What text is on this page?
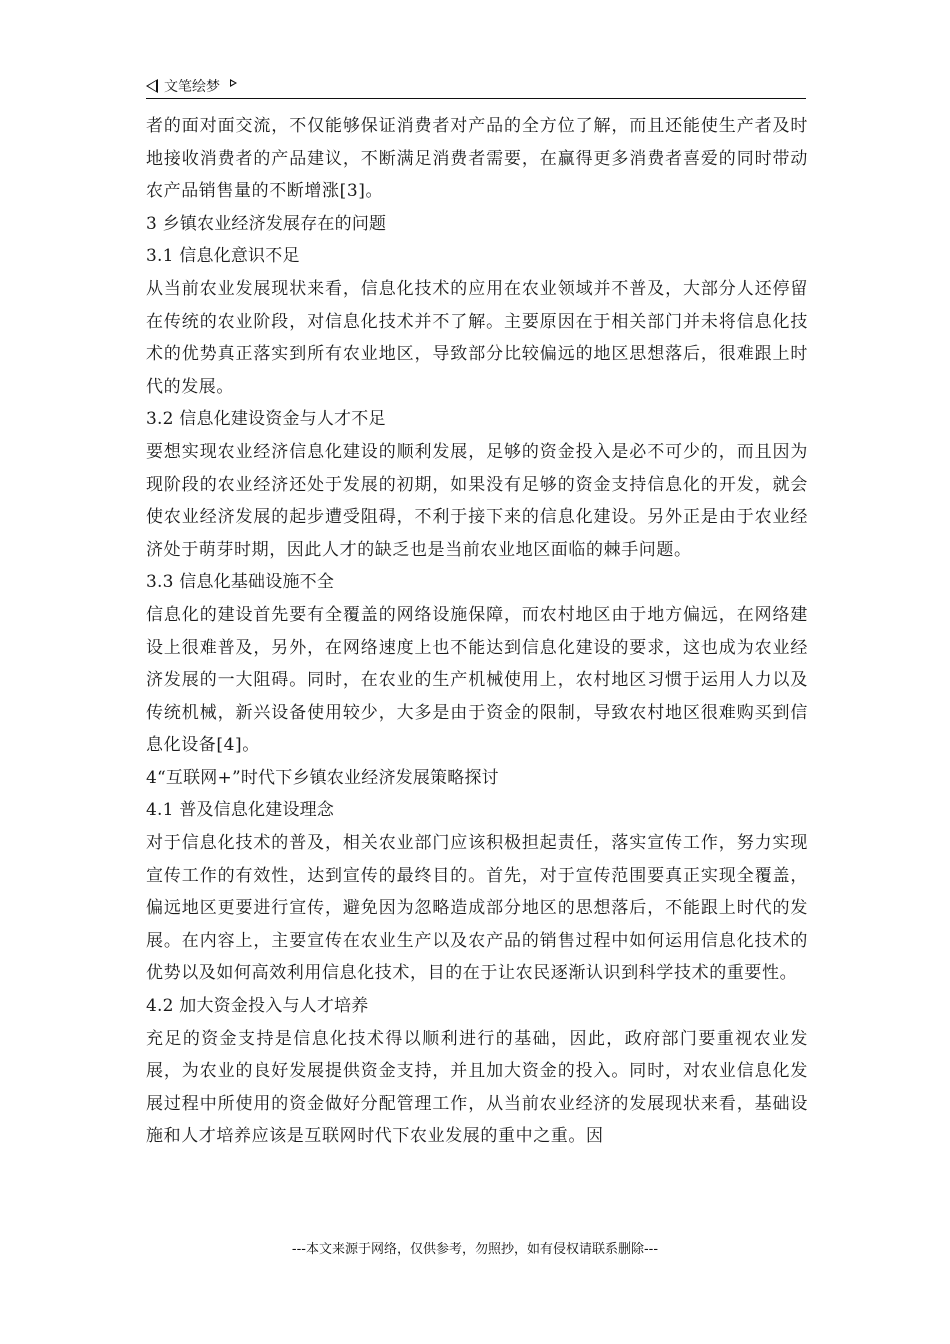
文笔绘梦

者的面对面交流，不仅能够保证消费者对产品的全方位了解，而且还能使生产者及时地接收消费者的产品建议，不断满足消费者需要，在赢得更多消费者喜爱的同时带动农产品销售量的不断增涨[3]。

3 乡镇农业经济发展存在的问题

3.1 信息化意识不足

从当前农业发展现状来看，信息化技术的应用在农业领域并不普及，大部分人还停留在传统的农业阶段，对信息化技术并不了解。主要原因在于相关部门并未将信息化技术的优势真正落实到所有农业地区，导致部分比较偏远的地区思想落后，很难跟上时代的发展。

3.2 信息化建设资金与人才不足

要想实现农业经济信息化建设的顺利发展，足够的资金投入是必不可少的，而且因为现阶段的农业经济还处于发展的初期，如果没有足够的资金支持信息化的开发，就会使农业经济发展的起步遭受阻碍，不利于接下来的信息化建设。另外正是由于农业经济处于萌芽时期，因此人才的缺乏也是当前农业地区面临的棘手问题。

3.3 信息化基础设施不全

信息化的建设首先要有全覆盖的网络设施保障，而农村地区由于地方偏远，在网络建设上很难普及，另外，在网络速度上也不能达到信息化建设的要求，这也成为农业经济发展的一大阻碍。同时，在农业的生产机械使用上，农村地区习惯于运用人力以及传统机械，新兴设备使用较少，大多是由于资金的限制，导致农村地区很难购买到信息化设备[4]。

4“互联网+”时代下乡镇农业经济发展策略探讨

4.1 普及信息化建设理念

对于信息化技术的普及，相关农业部门应该积极担起责任，落实宣传工作，努力实现宣传工作的有效性，达到宣传的最终目的。首先，对于宣传范围要真正实现全覆盖，偏远地区更要进行宣传，避免因为忽略造成部分地区的思想落后，不能跟上时代的发展。在内容上，主要宣传在农业生产以及农产品的销售过程中如何运用信息化技术的优势以及如何高效利用信息化技术，目的在于让农民逐渐认识到科学技术的重要性。

4.2 加大资金投入与人才培养

充足的资金支持是信息化技术得以顺利进行的基础，因此，政府部门要重视农业发展，为农业的良好发展提供资金支持，并且加大资金的投入。同时，对农业信息化发展过程中所使用的资金做好分配管理工作，从当前农业经济的发展现状来看，基础设施和人才培养应该是互联网时代下农业发展的重中之重。因

---本文来源于网络，仅供参考，勿照抄，如有侵权请联系删除---
